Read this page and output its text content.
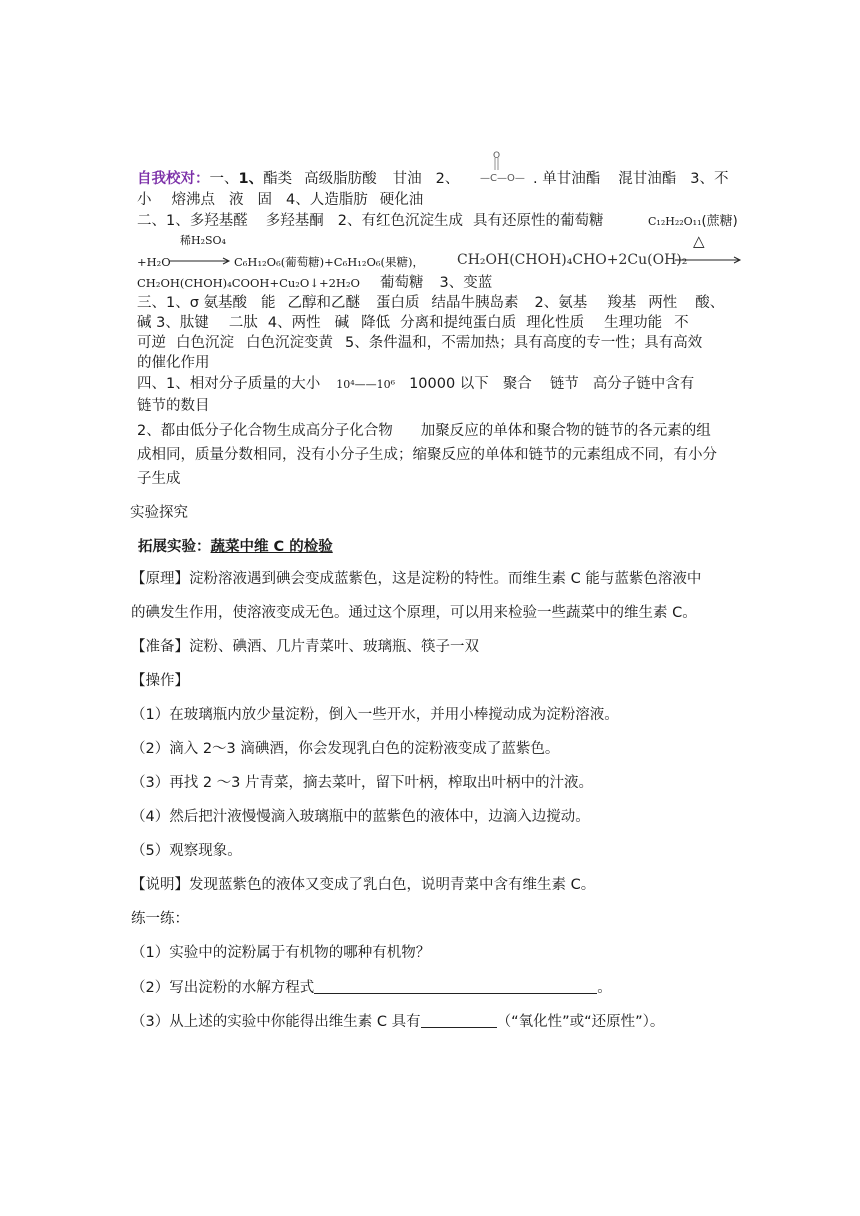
自我校对：一、1、酯类 高级脂肪酸 甘油 2、 —C—O—
O
. 单甘油酯 混甘油酯 3、不
小 熔沸点 液 固 4、人造脂肪 硬化油
二、1、多羟基醛 多羟基酮 2、有红色沉淀生成 具有还原性的葡萄糖	C₁₂H₂₂O₁₁(蔗糖)
稀H₂SO₄	△
+H₂O	C₆H₁₂O₆(葡萄糖)+C₆H₁₂O₆(果糖)， CH₂OH(CHOH)₄CHO+2Cu(OH)₂
CH₂OH(CHOH)₄COOH+Cu₂O↓+2H₂O 葡萄糖 3、变蓝
三、1、σ 氨基酸 能 乙醇和乙醚 蛋白质 结晶牛胰岛素 2、氨基 羧基 两性 酸、
碱 3、肽键 二肽 4、两性 碱 降低 分离和提纯蛋白质 理化性质 生理功能 不
可逆 白色沉淀 白色沉淀变黄 5、条件温和，不需加热；具有高度的专一性；具有高效
的催化作用
四、1、相对分子质量的大小 10⁴——10⁶ 10000 以下 聚合 链节 高分子链中含有
链节的数目
2、都由低分子化合物生成高分子化合物 加聚反应的单体和聚合物的链节的各元素的组
成相同，质量分数相同，没有小分子生成；缩聚反应的单体和链节的元素组成不同，有小分
子生成
实验探究
拓展实验：蔬菜中维 C 的检验
【原理】淀粉溶液遇到碘会变成蓝紫色，这是淀粉的特性。而维生素 C 能与蓝紫色溶液中
的碘发生作用，使溶液变成无色。通过这个原理，可以用来检验一些蔬菜中的维生素 C。
【准备】淀粉、碘酒、几片青菜叶、玻璃瓶、筷子一双
【操作】
（1）在玻璃瓶内放少量淀粉，倒入一些开水，并用小棒搅动成为淀粉溶液。
（2）滴入 2～3 滴碘酒，你会发现乳白色的淀粉液变成了蓝紫色。
（3）再找 2 ～3 片青菜，摘去菜叶，留下叶柄，榨取出叶柄中的汁液。
（4）然后把汁液慢慢滴入玻璃瓶中的蓝紫色的液体中，边滴入边搅动。
（5）观察现象。
【说明】发现蓝紫色的液体又变成了乳白色，说明青菜中含有维生素 C。
练一练：
（1）实验中的淀粉属于有机物的哪种有机物？
（2）写出淀粉的水解方程式	。
（3）从上述的实验中你能得出维生素 C 具有	（“氧化性”或“还原性”）。
